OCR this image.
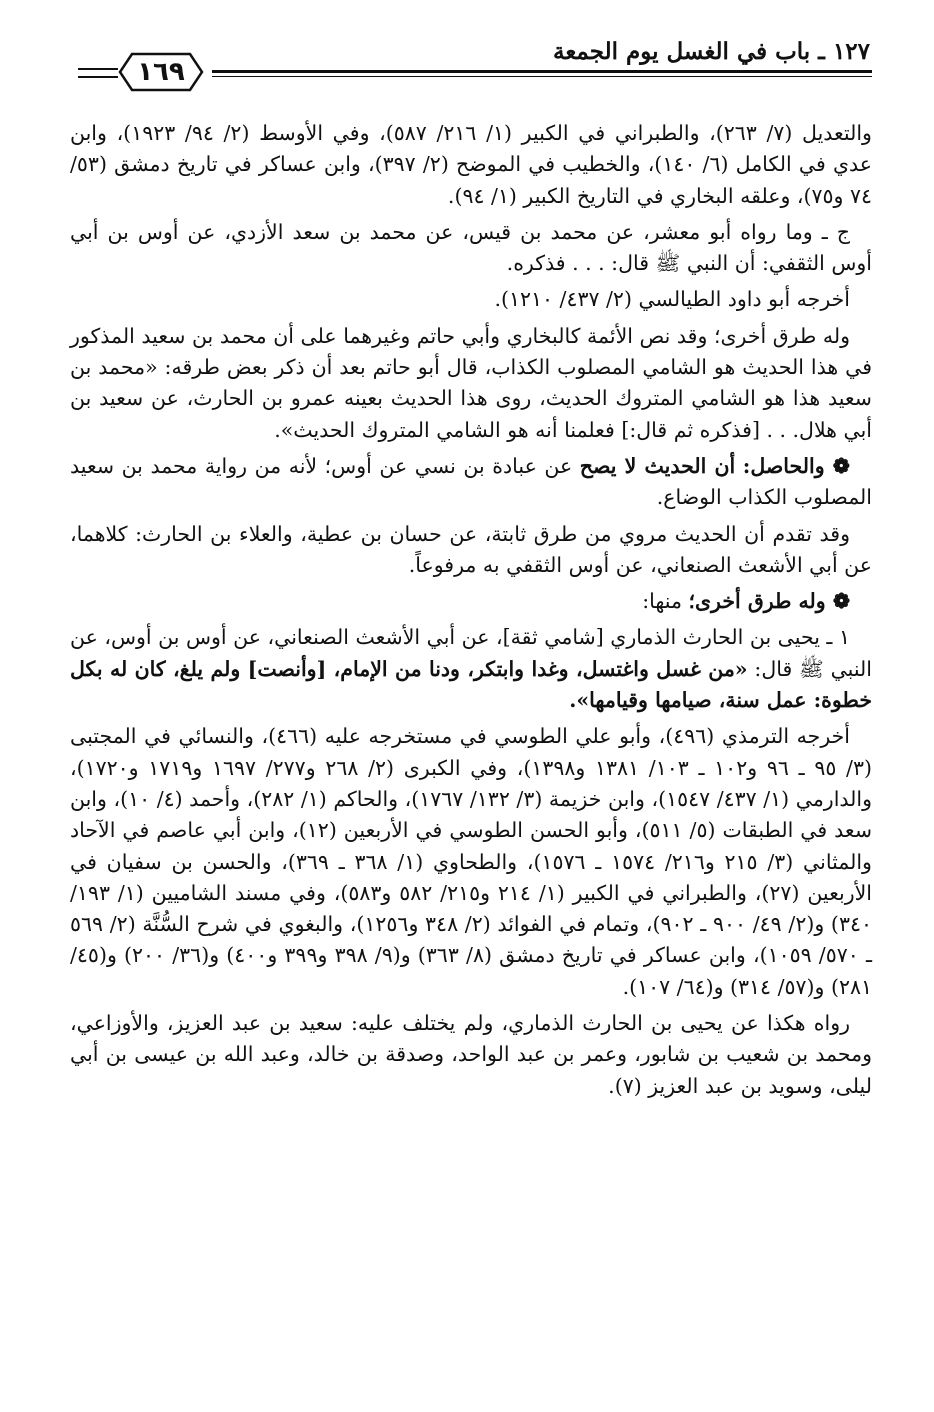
١٢٧ ـ باب في الغسل يوم الجمعة
١٦٩

والتعديل (٧/ ٢٦٣)، والطبراني في الكبير (١/ ٢١٦/ ٥٨٧)، وفي الأوسط (٢/ ٩٤/ ١٩٢٣)، وابن عدي في الكامل (٦/ ١٤٠)، والخطيب في الموضح (٢/ ٣٩٧)، وابن عساكر في تاريخ دمشق (٥٣/ ٧٤ و٧٥)، وعلقه البخاري في التاريخ الكبير (١/ ٩٤).

ج ـ وما رواه أبو معشر، عن محمد بن قيس، عن محمد بن سعد الأزدي، عن أوس بن أبي أوس الثقفي: أن النبي ﷺ قال: . . . فذكره.

أخرجه أبو داود الطيالسي (٢/ ٤٣٧/ ١٢١٠).

وله طرق أخرى؛ وقد نص الأئمة كالبخاري وأبي حاتم وغيرهما على أن محمد بن سعيد المذكور في هذا الحديث هو الشامي المصلوب الكذاب، قال أبو حاتم بعد أن ذكر بعض طرقه: «محمد بن سعيد هذا هو الشامي المتروك الحديث، روى هذا الحديث بعينه عمرو بن الحارث، عن سعيد بن أبي هلال. . . [فذكره ثم قال:] فعلمنا أنه هو الشامي المتروك الحديث».

❁ والحاصل: أن الحديث لا يصح عن عبادة بن نسي عن أوس؛ لأنه من رواية محمد بن سعيد المصلوب الكذاب الوضاع.

وقد تقدم أن الحديث مروي من طرق ثابتة، عن حسان بن عطية، والعلاء بن الحارث: كلاهما، عن أبي الأشعث الصنعاني، عن أوس الثقفي به مرفوعاً.

❁ وله طرق أخرى؛ منها:

١ ـ يحيى بن الحارث الذماري [شامي ثقة]، عن أبي الأشعث الصنعاني، عن أوس بن أوس، عن النبي ﷺ قال: «من غسل واغتسل، وغدا وابتكر، ودنا من الإمام، [وأنصت] ولم يلغ، كان له بكل خطوة: عمل سنة، صيامها وقيامها».

أخرجه الترمذي (٤٩٦)، وأبو علي الطوسي في مستخرجه عليه (٤٦٦)، والنسائي في المجتبى (٣/ ٩٥ ـ ٩٦ و١٠٢ ـ ١٠٣/ ١٣٨١ و١٣٩٨)، وفي الكبرى (٢/ ٢٦٨ و٢٧٧/ ١٦٩٧ و١٧١٩ و١٧٢٠)، والدارمي (١/ ٤٣٧/ ١٥٤٧)، وابن خزيمة (٣/ ١٣٢/ ١٧٦٧)، والحاكم (١/ ٢٨٢)، وأحمد (٤/ ١٠)، وابن سعد في الطبقات (٥/ ٥١١)، وأبو الحسن الطوسي في الأربعين (١٢)، وابن أبي عاصم في الآحاد والمثاني (٣/ ٢١٥ و٢١٦/ ١٥٧٤ ـ ١٥٧٦)، والطحاوي (١/ ٣٦٨ ـ ٣٦٩)، والحسن بن سفيان في الأربعين (٢٧)، والطبراني في الكبير (١/ ٢١٤ و٢١٥/ ٥٨٢ و٥٨٣)، وفي مسند الشاميين (١/ ١٩٣/ ٣٤٠) و(٢/ ٤٩/ ٩٠٠ ـ ٩٠٢)، وتمام في الفوائد (٢/ ٣٤٨ و١٢٥٦)، والبغوي في شرح السُّنَّة (٢/ ٥٦٩ ـ ٥٧٠/ ١٠٥٩)، وابن عساكر في تاريخ دمشق (٨/ ٣٦٣) و(٩/ ٣٩٨ و٣٩٩ و٤٠٠) و(٣٦/ ٢٠٠) و(٤٥/ ٢٨١) و(٥٧/ ٣١٤) و(٦٤/ ١٠٧).

رواه هكذا عن يحيى بن الحارث الذماري، ولم يختلف عليه: سعيد بن عبد العزيز، والأوزاعي، ومحمد بن شعيب بن شابور، وعمر بن عبد الواحد، وصدقة بن خالد، وعبد الله بن عيسى بن أبي ليلى، وسويد بن عبد العزيز (٧).
